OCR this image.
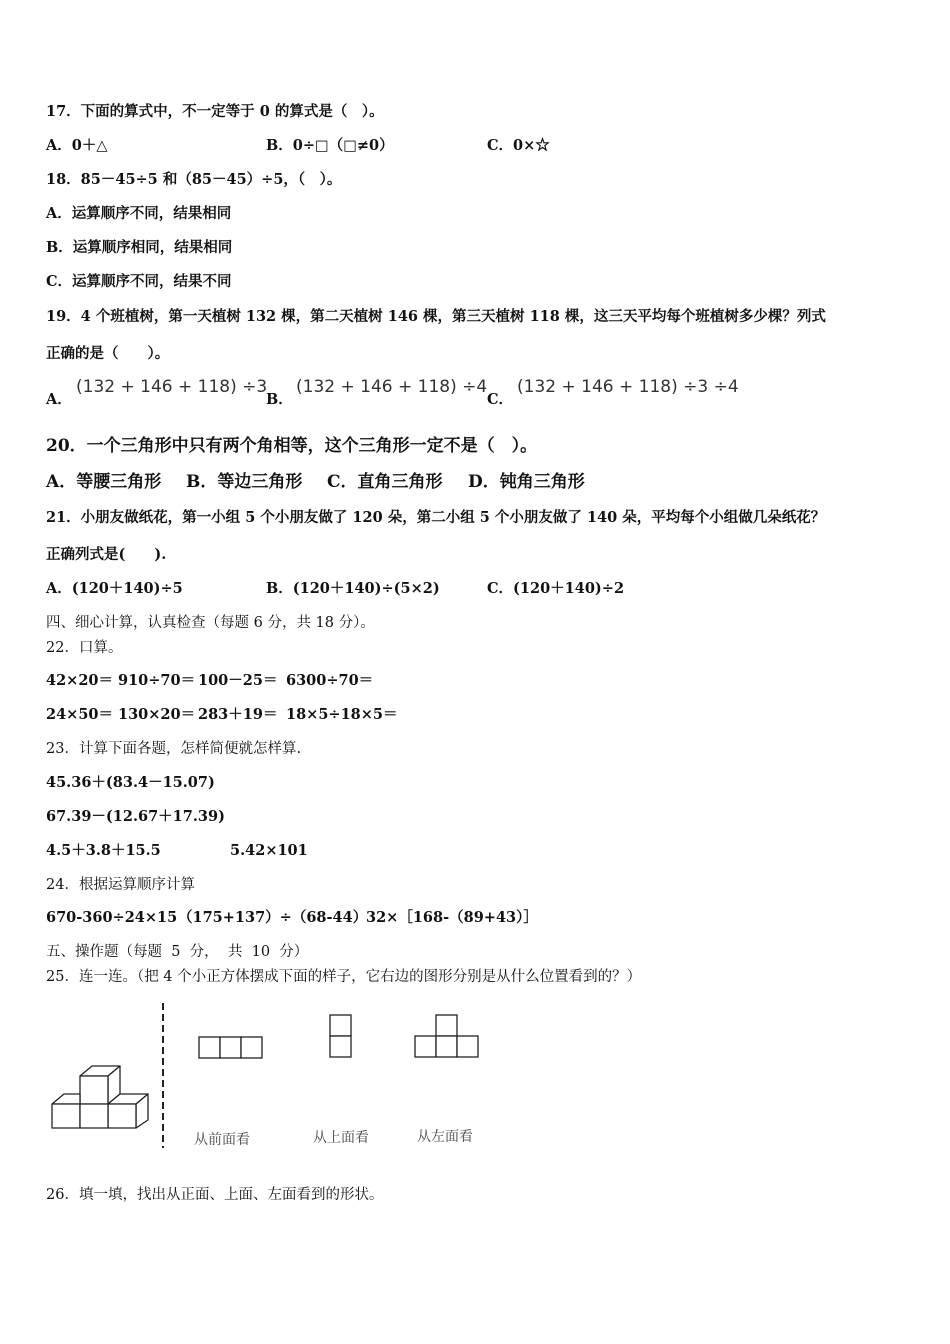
17．下面的算式中，不一定等于 0 的算式是（　）。
A．0＋△	B．0÷□（□≠0）	C．0×☆
18．85－45÷5 和（85－45）÷5，（　）。
A．运算顺序不同，结果相同
B．运算顺序相同，结果相同
C．运算顺序不同，结果不同
19．4 个班植树，第一天植树 132 棵，第二天植树 146 棵，第三天植树 118 棵，这三天平均每个班植树多少棵？列式
正确的是（　　）。
A．
(132 + 146 + 118) ÷3
B．
(132 + 146 + 118) ÷4
C．
(132 + 146 + 118) ÷3 ÷4
20．一个三角形中只有两个角相等，这个三角形一定不是（　）。
A．等腰三角形 B．等边三角形 C．直角三角形 D．钝角三角形
21．小朋友做纸花，第一小组 5 个小朋友做了 120 朵，第二小组 5 个小朋友做了 140 朵，平均每个小组做几朵纸花？
正确列式是(　　).
A．(120＋140)÷5	B．(120＋140)÷(5×2)	C．(120＋140)÷2
四、细心计算，认真检查（每题 6 分，共 18 分）。
22．口算。
42×20＝ 910÷70＝ 100－25＝ 6300÷70＝
24×50＝ 130×20＝ 283＋19＝ 18×5÷18×5＝
23．计算下面各题，怎样简便就怎样算.
45.36＋(83.4－15.07)
67.39－(12.67＋17.39)
4.5＋3.8＋15.5	5.42×101
24．根据运算顺序计算
670-360÷24×15 （175+137）÷（68-44）
32×［168-（89+43）］
五、操作题（每题  5  分，  共  10  分）
25．连一连。（把 4 个小正方体摆成下面的样子，它右边的图形分别是从什么位置看到的？）
从前面看	从上面看	从左面看
26．填一填，找出从正面、上面、左面看到的形状。
